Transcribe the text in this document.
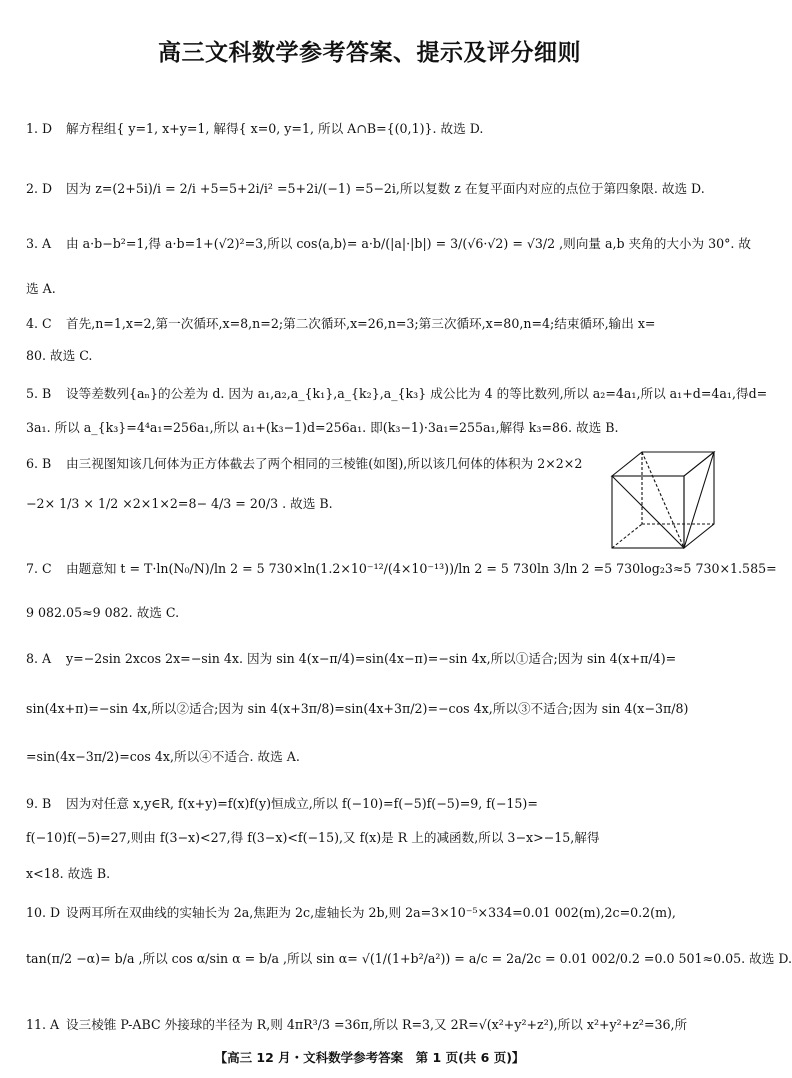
高三文科数学参考答案、提示及评分细则
1. D 解方程组{ y=1, x+y=1, 解得{ x=0, y=1, 所以 A∩B={(0,1)}. 故选 D.
2. D 因为 z=(2+5i)/i = 2/i +5=5+2i/i² =5+2i/(−1) =5−2i,所以复数 z 在复平面内对应的点位于第四象限. 故选 D.
3. A 由 a·b−b²=1,得 a·b=1+(√2)²=3,所以 cos⟨a,b⟩= a·b/(|a|·|b|) = 3/(√6·√2) = √3/2 ,则向量 a,b 夹角的大小为 30°. 故
选 A.
4. C 首先,n=1,x=2,第一次循环,x=8,n=2;第二次循环,x=26,n=3;第三次循环,x=80,n=4;结束循环,输出 x=
80. 故选 C.
5. B 设等差数列{aₙ}的公差为 d. 因为 a₁,a₂,a_{k₁},a_{k₂},a_{k₃} 成公比为 4 的等比数列,所以 a₂=4a₁,所以 a₁+d=4a₁,得d=
3a₁. 所以 a_{k₃}=4⁴a₁=256a₁,所以 a₁+(k₃−1)d=256a₁. 即(k₃−1)·3a₁=255a₁,解得 k₃=86. 故选 B.
6. B 由三视图知该几何体为正方体截去了两个相同的三棱锥(如图),所以该几何体的体积为 2×2×2
−2× 1/3 × 1/2 ×2×1×2=8− 4/3 = 20/3 . 故选 B.
7. C 由题意知 t = T·ln(N₀/N)/ln 2 = 5 730×ln(1.2×10⁻¹²/(4×10⁻¹³))/ln 2 = 5 730ln 3/ln 2 =5 730log₂3≈5 730×1.585=
9 082.05≈9 082. 故选 C.
8. A y=−2sin 2xcos 2x=−sin 4x. 因为 sin 4(x−π/4)=sin(4x−π)=−sin 4x,所以①适合;因为 sin 4(x+π/4)=
sin(4x+π)=−sin 4x,所以②适合;因为 sin 4(x+3π/8)=sin(4x+3π/2)=−cos 4x,所以③不适合;因为 sin 4(x−3π/8)
=sin(4x−3π/2)=cos 4x,所以④不适合. 故选 A.
9. B 因为对任意 x,y∈R, f(x+y)=f(x)f(y)恒成立,所以 f(−10)=f(−5)f(−5)=9, f(−15)=
f(−10)f(−5)=27,则由 f(3−x)<27,得 f(3−x)<f(−15),又 f(x)是 R 上的减函数,所以 3−x>−15,解得
x<18. 故选 B.
10. D 设两耳所在双曲线的实轴长为 2a,焦距为 2c,虚轴长为 2b,则 2a=3×10⁻⁵×334=0.01 002(m),2c=0.2(m),
tan(π/2 −α)= b/a ,所以 cos α/sin α = b/a ,所以 sin α= √(1/(1+b²/a²)) = a/c = 2a/2c = 0.01 002/0.2 =0.0 501≈0.05. 故选 D.
11. A 设三棱锥 P-ABC 外接球的半径为 R,则 4πR³/3 =36π,所以 R=3,又 2R=√(x²+y²+z²),所以 x²+y²+z²=36,所
【高三 12 月・文科数学参考答案　第 1 页(共 6 页)】
